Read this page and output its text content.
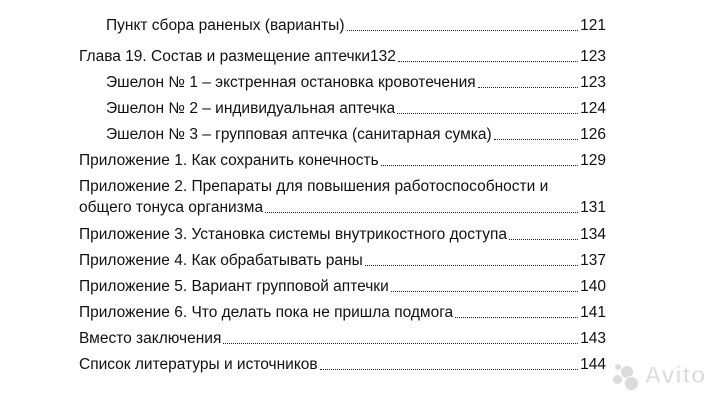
Пункт сбора раненых (варианты)	121
Глава 19. Состав и размещение аптечки132	123
Эшелон № 1 – экстренная остановка кровотечения	123
Эшелон № 2 – индивидуальная аптечка	124
Эшелон № 3 – групповая аптечка (санитарная сумка)	126
Приложение 1. Как сохранить конечность	129
Приложение 2. Препараты для повышения работоспособности и
общего тонуса организма	131
Приложение 3. Установка системы внутрикостного доступа	134
Приложение 4. Как обрабатывать раны	137
Приложение 5. Вариант групповой аптечки	140
Приложение 6. Что делать пока не пришла подмога	141
Вместо заключения	143
Список литературы и источников	144 Avito
